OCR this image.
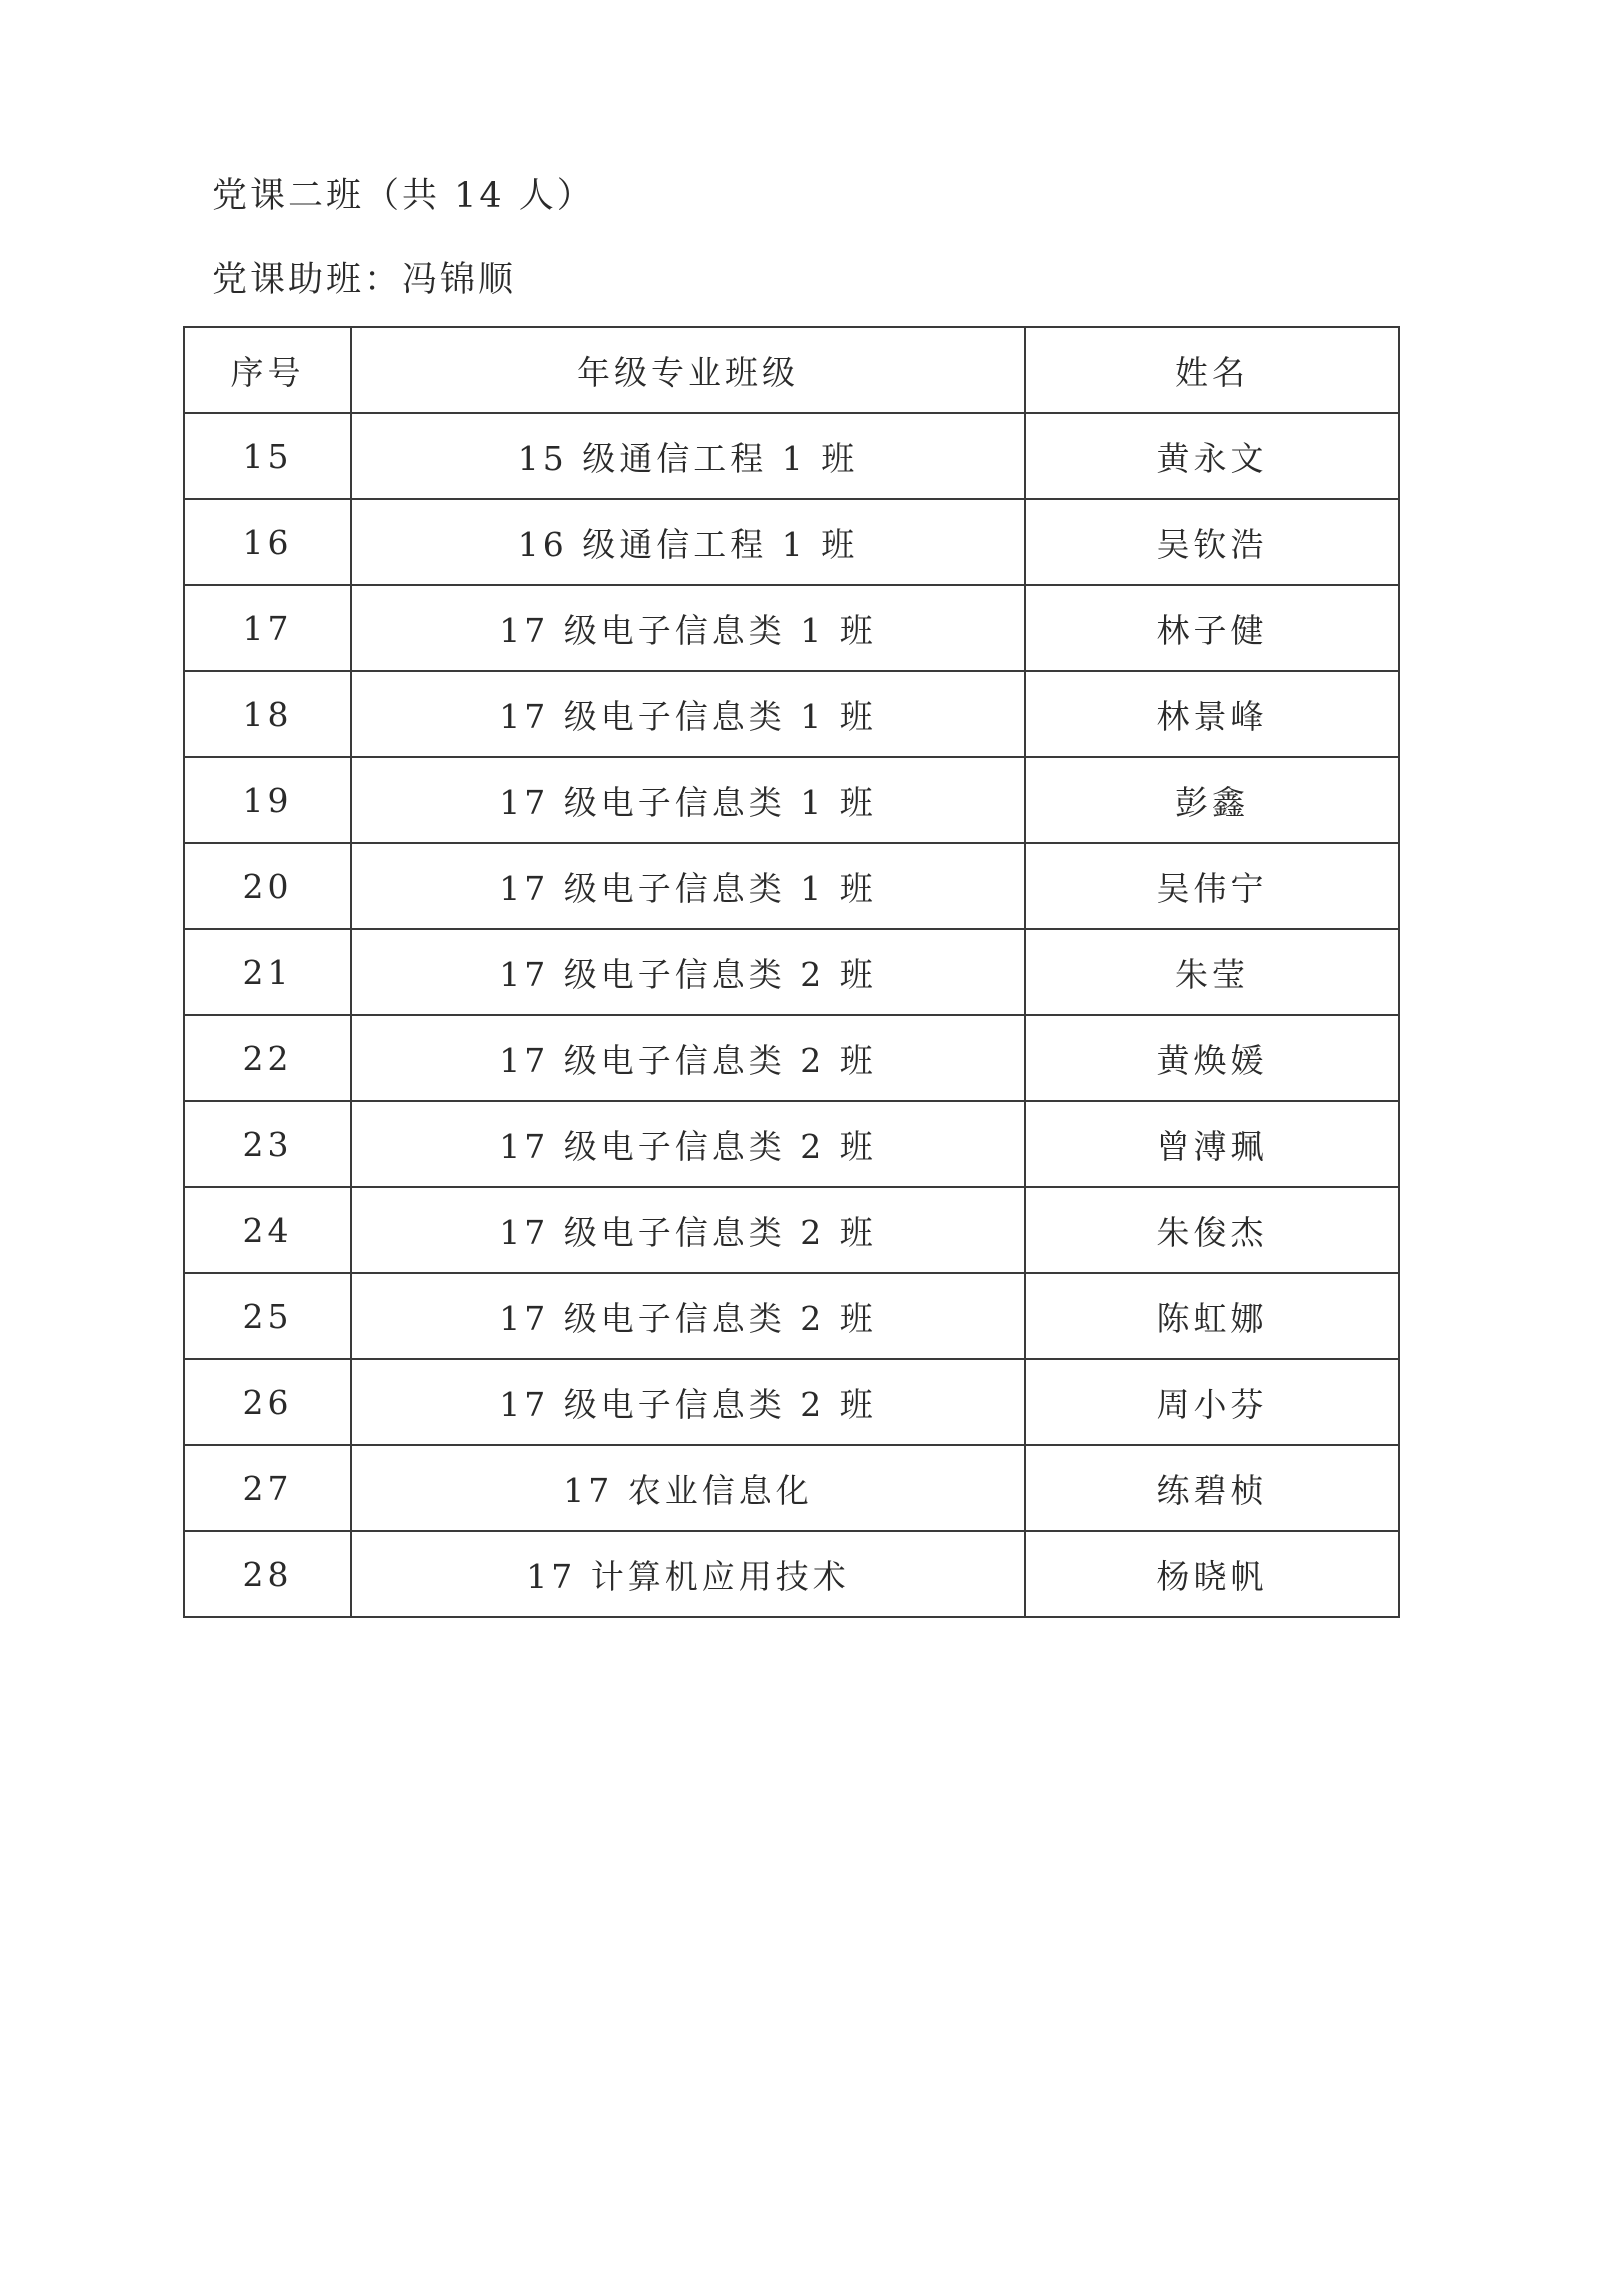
党课二班（共 14 人）
党课助班：冯锦顺
序号	年级专业班级	姓名
15	15 级通信工程 1 班	黄永文
16	16 级通信工程 1 班	吴钦浩
17	17 级电子信息类 1 班	林子健
18	17 级电子信息类 1 班	林景峰
19	17 级电子信息类 1 班	彭鑫
20	17 级电子信息类 1 班	吴伟宁
21	17 级电子信息类 2 班	朱莹
22	17 级电子信息类 2 班	黄焕媛
23	17 级电子信息类 2 班	曾溥珮
24	17 级电子信息类 2 班	朱俊杰
25	17 级电子信息类 2 班	陈虹娜
26	17 级电子信息类 2 班	周小芬
27	17 农业信息化	练碧桢
28	17 计算机应用技术	杨晓帆
